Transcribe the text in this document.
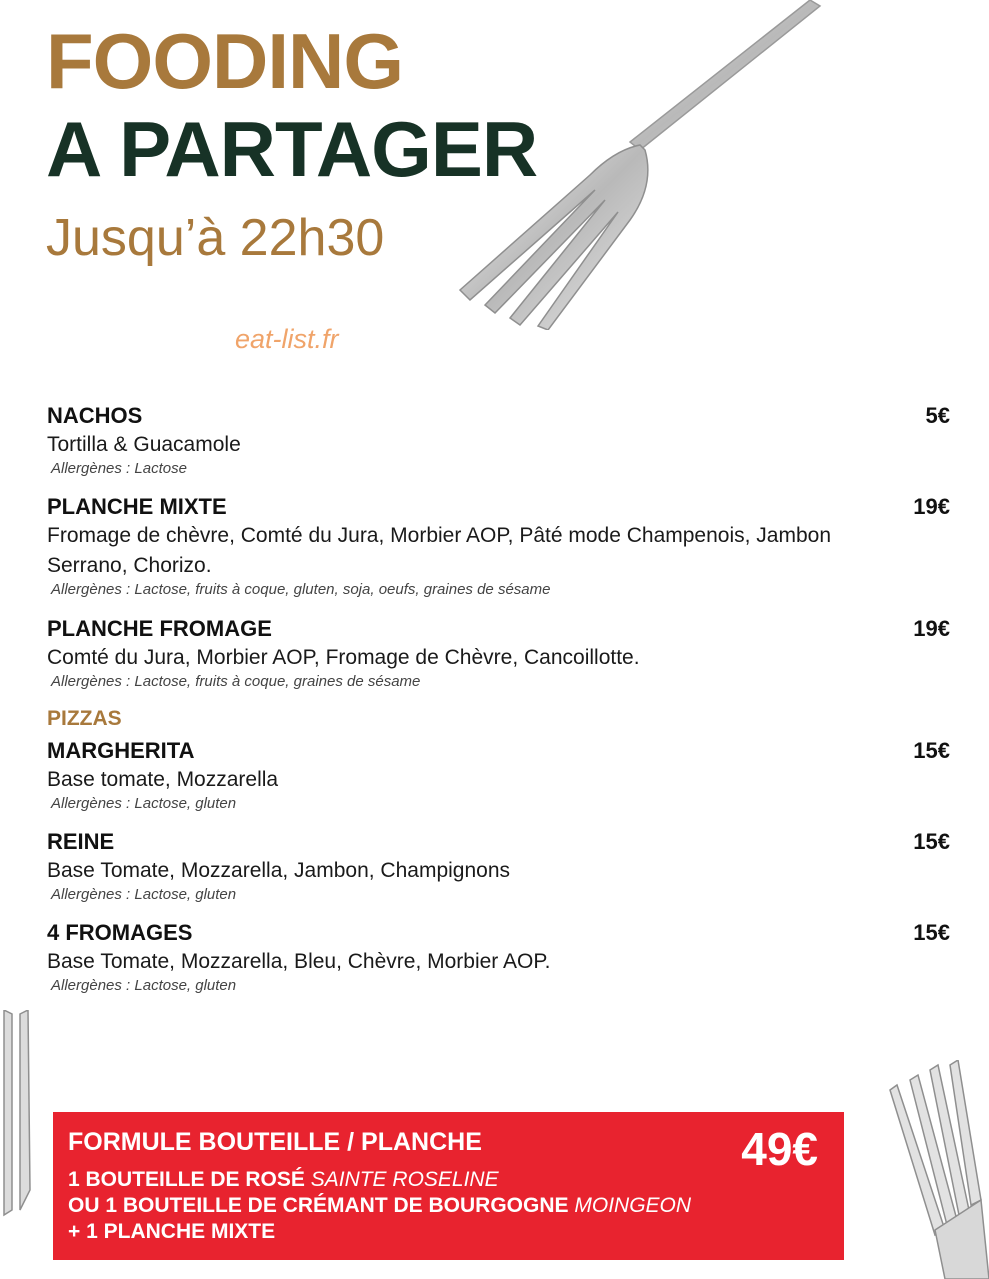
FOODING
A PARTAGER
Jusqu’à 22h30
eat-list.fr
NACHOS	5€
Tortilla & Guacamole
Allergènes : Lactose
PLANCHE MIXTE	19€
Fromage de chèvre, Comté du Jura, Morbier AOP, Pâté mode Champenois, Jambon Serrano, Chorizo.
Allergènes : Lactose, fruits à coque, gluten, soja, oeufs, graines de sésame
PLANCHE FROMAGE	19€
Comté du Jura, Morbier AOP, Fromage de Chèvre, Cancoillotte.
Allergènes : Lactose, fruits à coque, graines de sésame
PIZZAS
MARGHERITA	15€
Base tomate, Mozzarella
Allergènes : Lactose, gluten
REINE	15€
Base Tomate, Mozzarella, Jambon, Champignons
Allergènes : Lactose, gluten
4 FROMAGES	15€
Base Tomate, Mozzarella, Bleu, Chèvre, Morbier AOP.
Allergènes : Lactose, gluten
FORMULE BOUTEILLE / PLANCHE	49€
1 BOUTEILLE DE ROSÉ SAINTE ROSELINE
OU 1 BOUTEILLE DE CRÉMANT DE BOURGOGNE MOINGEON
+ 1 PLANCHE MIXTE
